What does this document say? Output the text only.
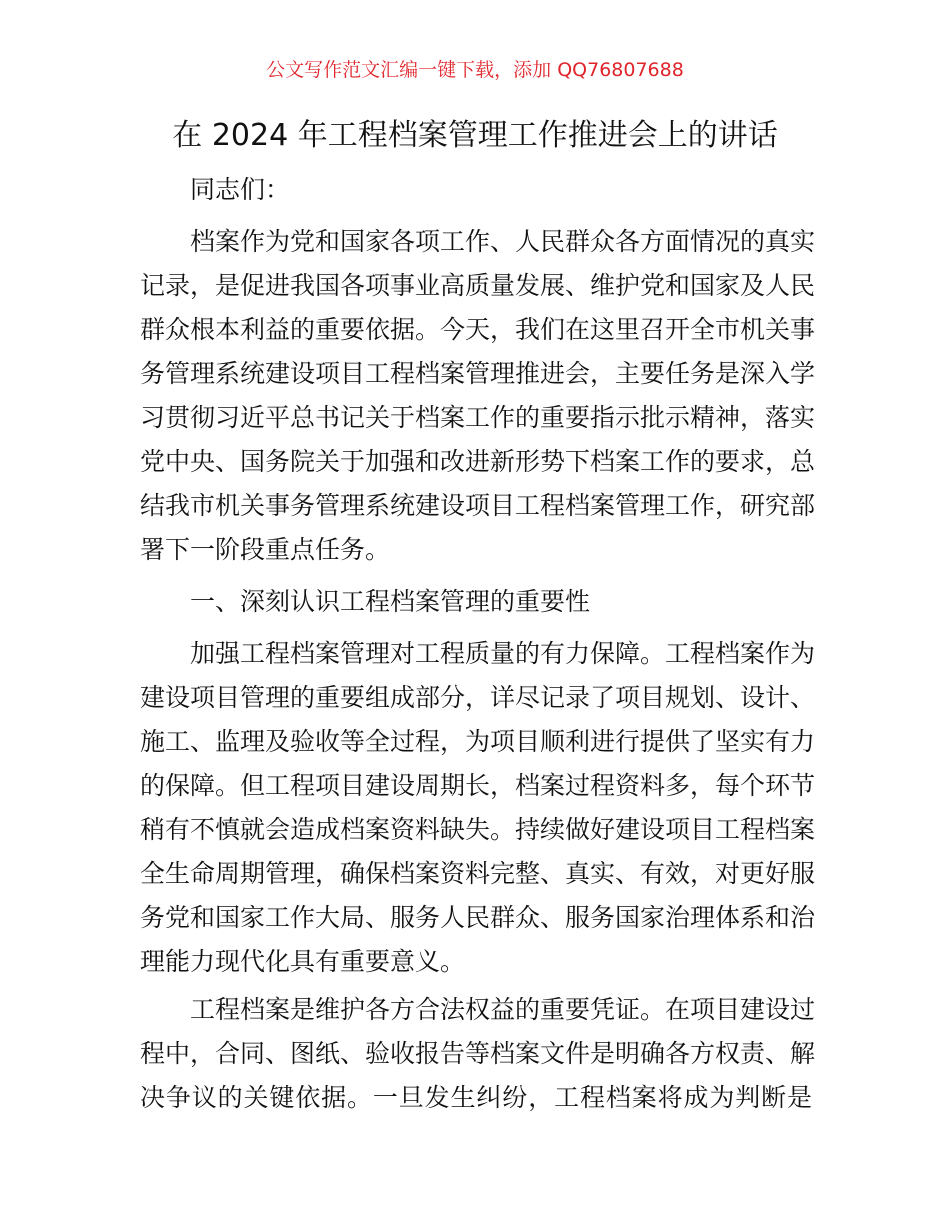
公文写作范文汇编一键下载，添加 QQ76807688
在 2024 年工程档案管理工作推进会上的讲话
同志们：
档案作为党和国家各项工作、人民群众各方面情况的真实
记录，是促进我国各项事业高质量发展、维护党和国家及人民
群众根本利益的重要依据。今天，我们在这里召开全市机关事
务管理系统建设项目工程档案管理推进会，主要任务是深入学
习贯彻习近平总书记关于档案工作的重要指示批示精神，落实
党中央、国务院关于加强和改进新形势下档案工作的要求，总
结我市机关事务管理系统建设项目工程档案管理工作，研究部
署下一阶段重点任务。
一、深刻认识工程档案管理的重要性
加强工程档案管理对工程质量的有力保障。工程档案作为
建设项目管理的重要组成部分，详尽记录了项目规划、设计、
施工、监理及验收等全过程，为项目顺利进行提供了坚实有力
的保障。但工程项目建设周期长，档案过程资料多，每个环节
稍有不慎就会造成档案资料缺失。持续做好建设项目工程档案
全生命周期管理，确保档案资料完整、真实、有效，对更好服
务党和国家工作大局、服务人民群众、服务国家治理体系和治
理能力现代化具有重要意义。
工程档案是维护各方合法权益的重要凭证。在项目建设过
程中，合同、图纸、验收报告等档案文件是明确各方权责、解
决争议的关键依据。一旦发生纠纷，工程档案将成为判断是
